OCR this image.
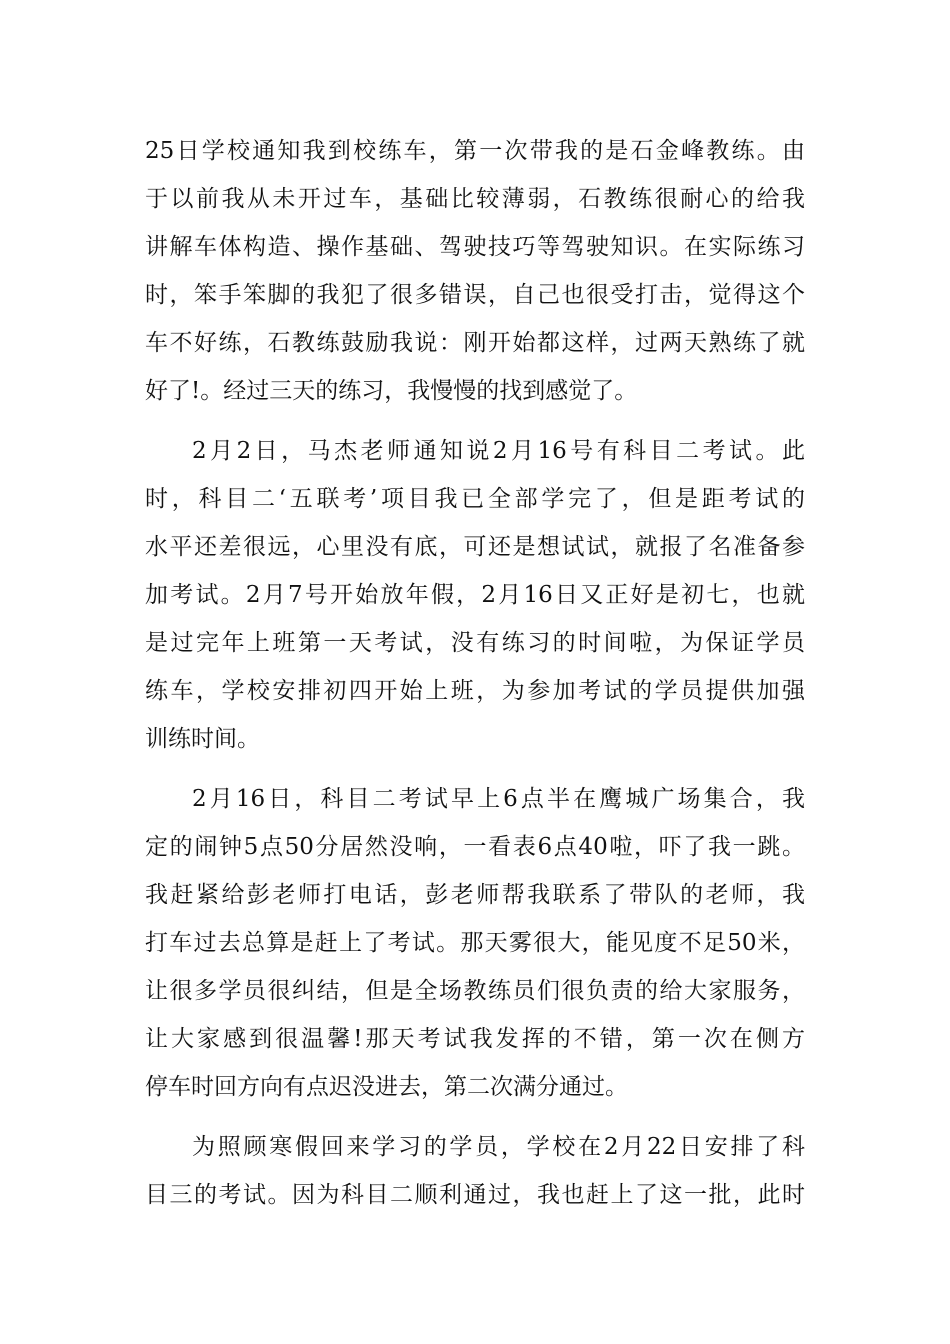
25日学校通知我到校练车，第一次带我的是石金峰教练。由
于以前我从未开过车，基础比较薄弱，石教练很耐心的给我
讲解车体构造、操作基础、驾驶技巧等驾驶知识。在实际练习
时，笨手笨脚的我犯了很多错误，自己也很受打击，觉得这个
车不好练，石教练鼓励我说：刚开始都这样，过两天熟练了就
好了!。经过三天的练习，我慢慢的找到感觉了。
2月2日，马杰老师通知说2月16号有科目二考试。此
时，科目二‘五联考’项目我已全部学完了，但是距考试的
水平还差很远，心里没有底，可还是想试试，就报了名准备参
加考试。2月7号开始放年假，2月16日又正好是初七，也就
是过完年上班第一天考试，没有练习的时间啦，为保证学员
练车，学校安排初四开始上班，为参加考试的学员提供加强
训练时间。
2月16日，科目二考试早上6点半在鹰城广场集合，我
定的闹钟5点50分居然没响，一看表6点40啦，吓了我一跳。
我赶紧给彭老师打电话，彭老师帮我联系了带队的老师，我
打车过去总算是赶上了考试。那天雾很大，能见度不足50米，
让很多学员很纠结，但是全场教练员们很负责的给大家服务，
让大家感到很温馨!那天考试我发挥的不错，第一次在侧方
停车时回方向有点迟没进去，第二次满分通过。
为照顾寒假回来学习的学员，学校在2月22日安排了科
目三的考试。因为科目二顺利通过，我也赶上了这一批，此时
